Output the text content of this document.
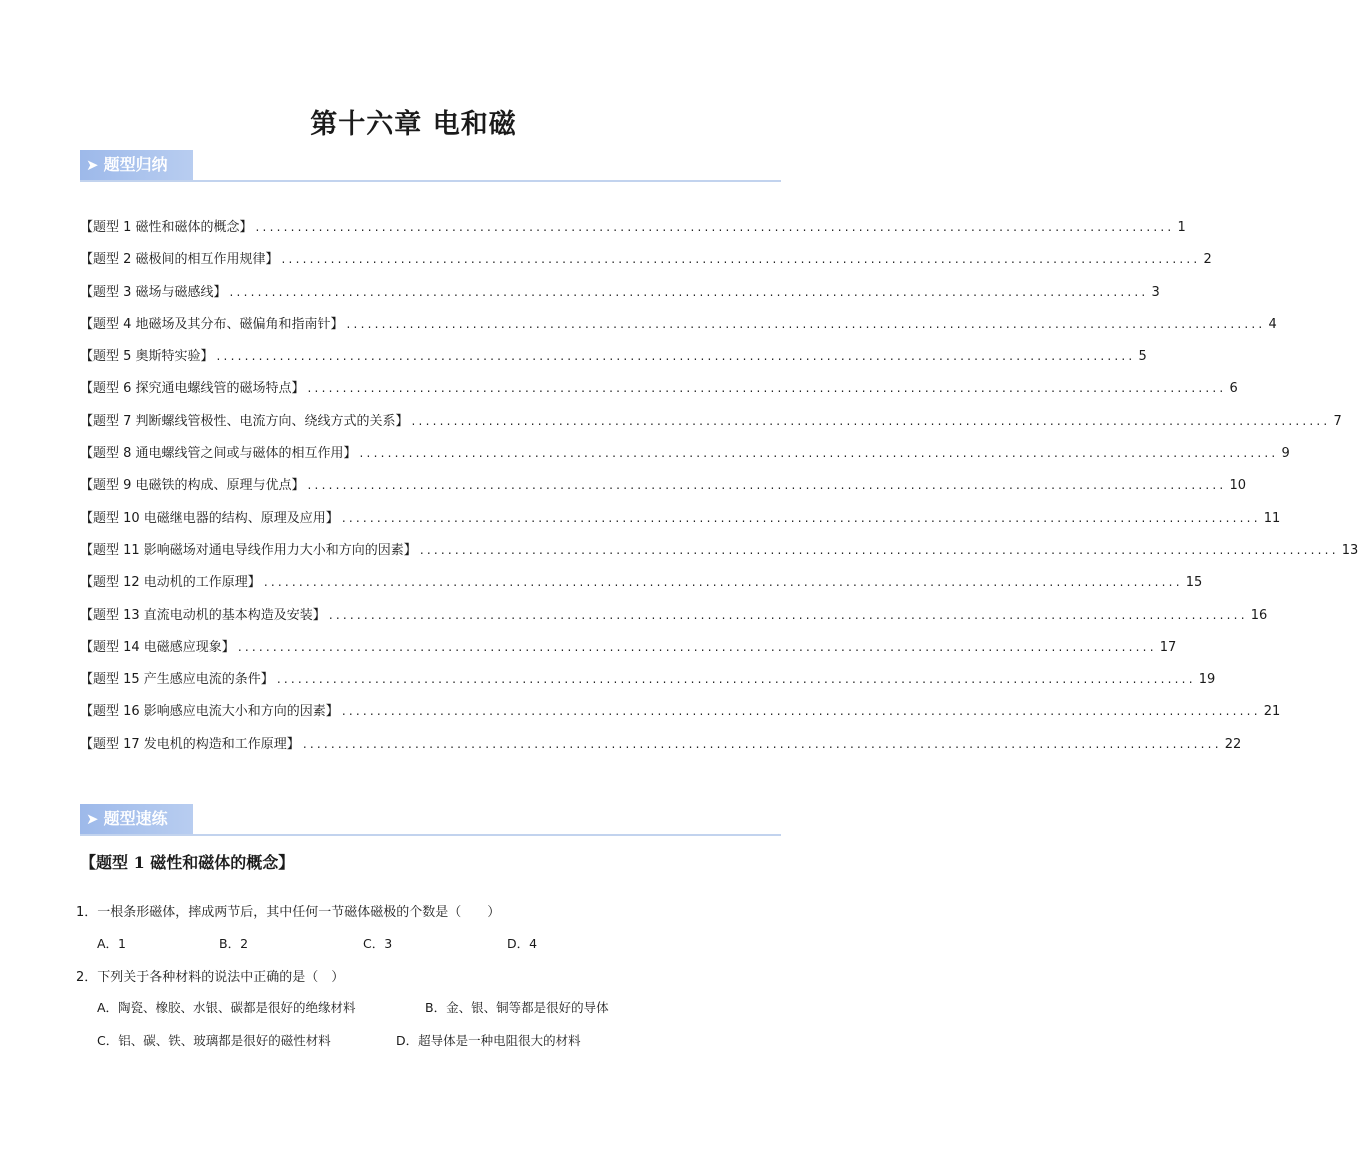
第十六章 电和磁
➤ 题型归纳
【题型 1 磁性和磁体的概念】 ................................................................................................................................... 1
【题型 2 磁极间的相互作用规律】 ................................................................................................................................... 2
【题型 3 磁场与磁感线】 ................................................................................................................................... 3
【题型 4 地磁场及其分布、磁偏角和指南针】 ................................................................................................................................... 4
【题型 5 奥斯特实验】 ................................................................................................................................... 5
【题型 6 探究通电螺线管的磁场特点】 ................................................................................................................................... 6
【题型 7 判断螺线管极性、电流方向、绕线方式的关系】 ................................................................................................................................... 7
【题型 8 通电螺线管之间或与磁体的相互作用】 ................................................................................................................................... 9
【题型 9 电磁铁的构成、原理与优点】 ................................................................................................................................... 10
【题型 10 电磁继电器的结构、原理及应用】 ................................................................................................................................... 11
【题型 11 影响磁场对通电导线作用力大小和方向的因素】 ................................................................................................................................... 13
【题型 12 电动机的工作原理】 ................................................................................................................................... 15
【题型 13 直流电动机的基本构造及安装】 ................................................................................................................................... 16
【题型 14 电磁感应现象】 ................................................................................................................................... 17
【题型 15 产生感应电流的条件】 ................................................................................................................................... 19
【题型 16 影响感应电流大小和方向的因素】 ................................................................................................................................... 21
【题型 17 发电机的构造和工作原理】 ................................................................................................................................... 22
➤ 题型速练
【题型 1 磁性和磁体的概念】
1．一根条形磁体，摔成两节后，其中任何一节磁体磁极的个数是（　　）
A．1	B．2	C．3	D．4
2．下列关于各种材料的说法中正确的是（　）
A．陶瓷、橡胶、水银、碳都是很好的绝缘材料	B．金、银、铜等都是很好的导体
C．铝、碳、铁、玻璃都是很好的磁性材料	D．超导体是一种电阻很大的材料
